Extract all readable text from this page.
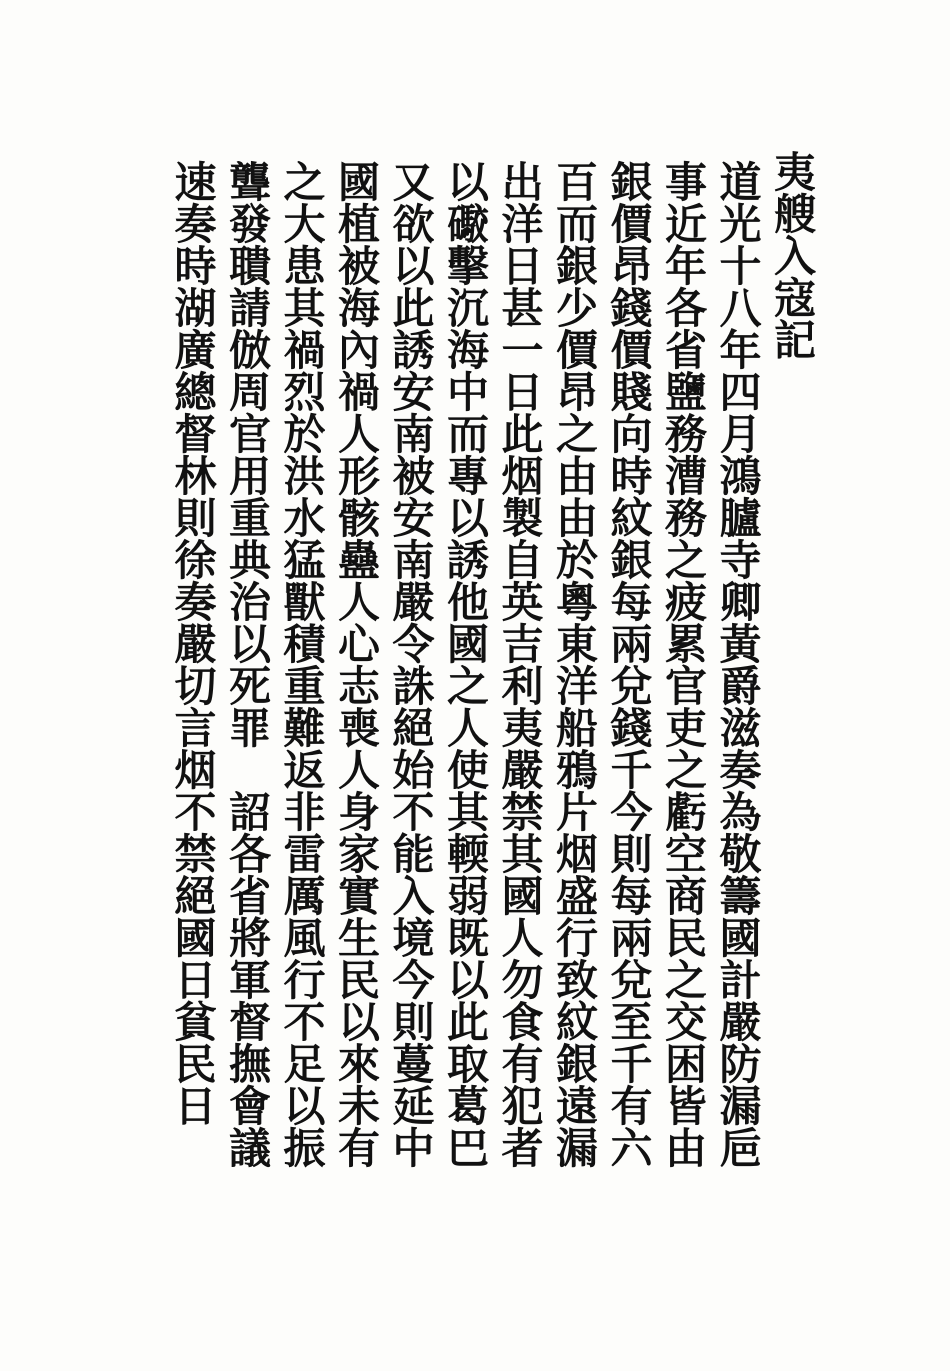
夷艘入寇記
道光十八年四月鴻臚寺卿黃爵滋奏為敬籌國計嚴防漏巵
事近年各省鹽務漕務之疲累官吏之虧空商民之交困皆由
銀價昂錢價賤向時紋銀每兩兌錢千今則每兩兌至千有六
百而銀少價昂之由由於粵東洋船鴉片烟盛行致紋銀遠漏
出洋日甚一日此烟製自英吉利夷嚴禁其國人勿食有犯者
以礮擊沉海中而專以誘他國之人使其輭弱既以此取葛巴
又欲以此誘安南被安南嚴令誅絕始不能入境今則蔓延中
國植被海內禍人形骸蠱人心志喪人身家實生民以來未有
之大患其禍烈於洪水猛獸積重難返非雷厲風行不足以振
聾發聵請倣周官用重典治以死罪　詔各省將軍督撫會議
速奏時湖廣總督林則徐奏嚴切言烟不禁絕國日貧民日
